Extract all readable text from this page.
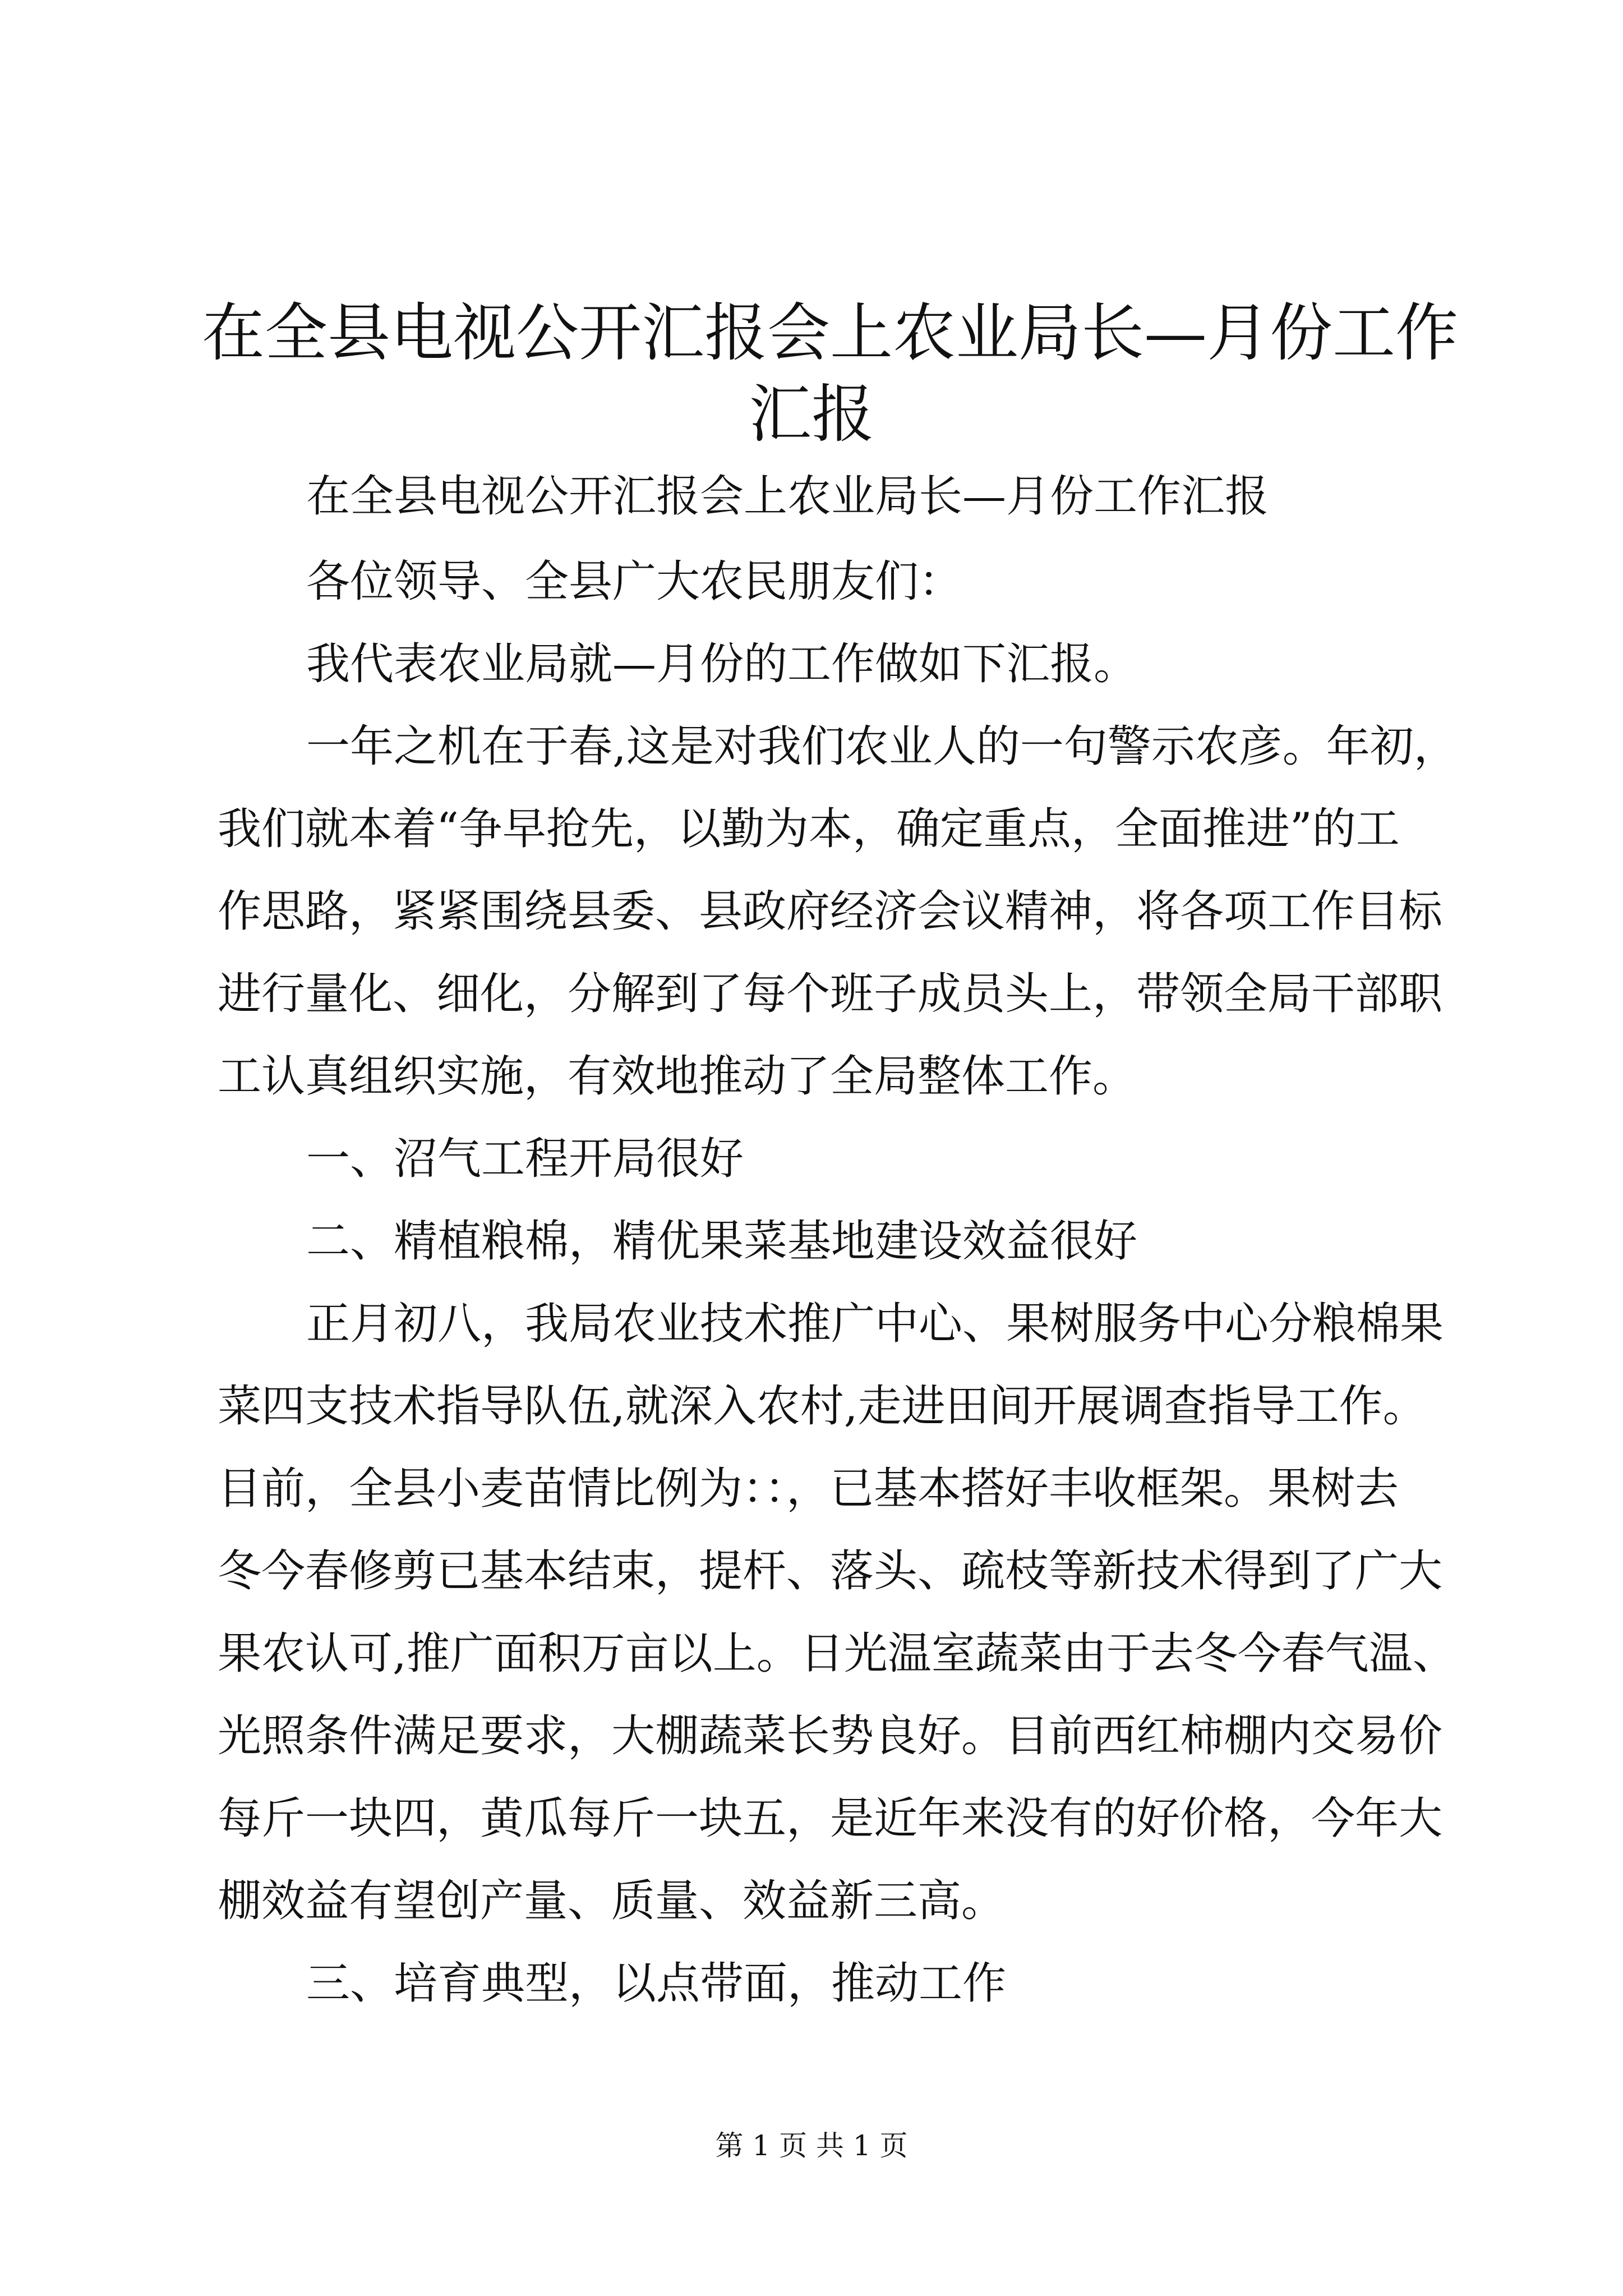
在全县电视公开汇报会上农业局长—月份工作
汇报

在全县电视公开汇报会上农业局长—月份工作汇报

各位领导、全县广大农民朋友们：

我代表农业局就—月份的工作做如下汇报。

一年之机在于春,这是对我们农业人的一句警示农彦。年初，

我们就本着“争早抢先，以勤为本，确定重点，全面推进”的工

作思路，紧紧围绕县委、县政府经济会议精神，将各项工作目标

进行量化、细化，分解到了每个班子成员头上，带领全局干部职

工认真组织实施，有效地推动了全局整体工作。

一、沼气工程开局很好

二、精植粮棉，精优果菜基地建设效益很好

正月初八，我局农业技术推广中心、果树服务中心分粮棉果

菜四支技术指导队伍,就深入农村,走进田间开展调查指导工作。

目前，全县小麦苗情比例为：：，已基本搭好丰收框架。果树去

冬今春修剪已基本结束，提杆、落头、疏枝等新技术得到了广大

果农认可,推广面积万亩以上。日光温室蔬菜由于去冬今春气温、

光照条件满足要求，大棚蔬菜长势良好。目前西红柿棚内交易价

每斤一块四，黄瓜每斤一块五，是近年来没有的好价格，今年大

棚效益有望创产量、质量、效益新三高。

三、培育典型，以点带面，推动工作

第 1 页 共 1 页
